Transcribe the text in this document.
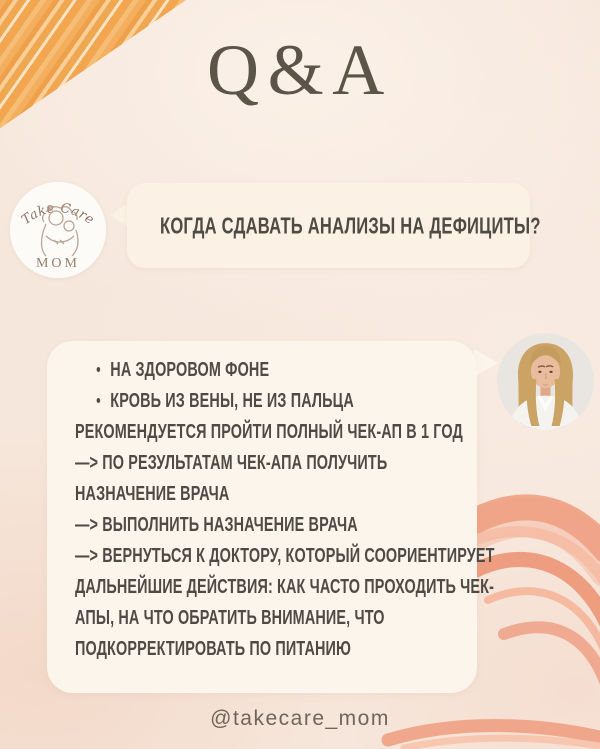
Q&A
Take Care
MOM
КОГДА СДАВАТЬ АНАЛИЗЫ НА ДЕФИЦИТЫ?
НА ЗДОРОВОМ ФОНЕ
КРОВЬ ИЗ ВЕНЫ, НЕ ИЗ ПАЛЬЦА
РЕКОМЕНДУЕТСЯ ПРОЙТИ ПОЛНЫЙ ЧЕК-АП В 1 ГОД
—> ПО РЕЗУЛЬТАТАМ ЧЕК-АПА ПОЛУЧИТЬ
НАЗНАЧЕНИЕ ВРАЧА
—> ВЫПОЛНИТЬ НАЗНАЧЕНИЕ ВРАЧА
—> ВЕРНУТЬСЯ К ДОКТОРУ, КОТОРЫЙ СООРИЕНТИРУЕТ
ДАЛЬНЕЙШИЕ ДЕЙСТВИЯ: КАК ЧАСТО ПРОХОДИТЬ ЧЕК-
АПЫ, НА ЧТО ОБРАТИТЬ ВНИМАНИЕ, ЧТО
ПОДКОРРЕКТИРОВАТЬ ПО ПИТАНИЮ
@takecare_mom
